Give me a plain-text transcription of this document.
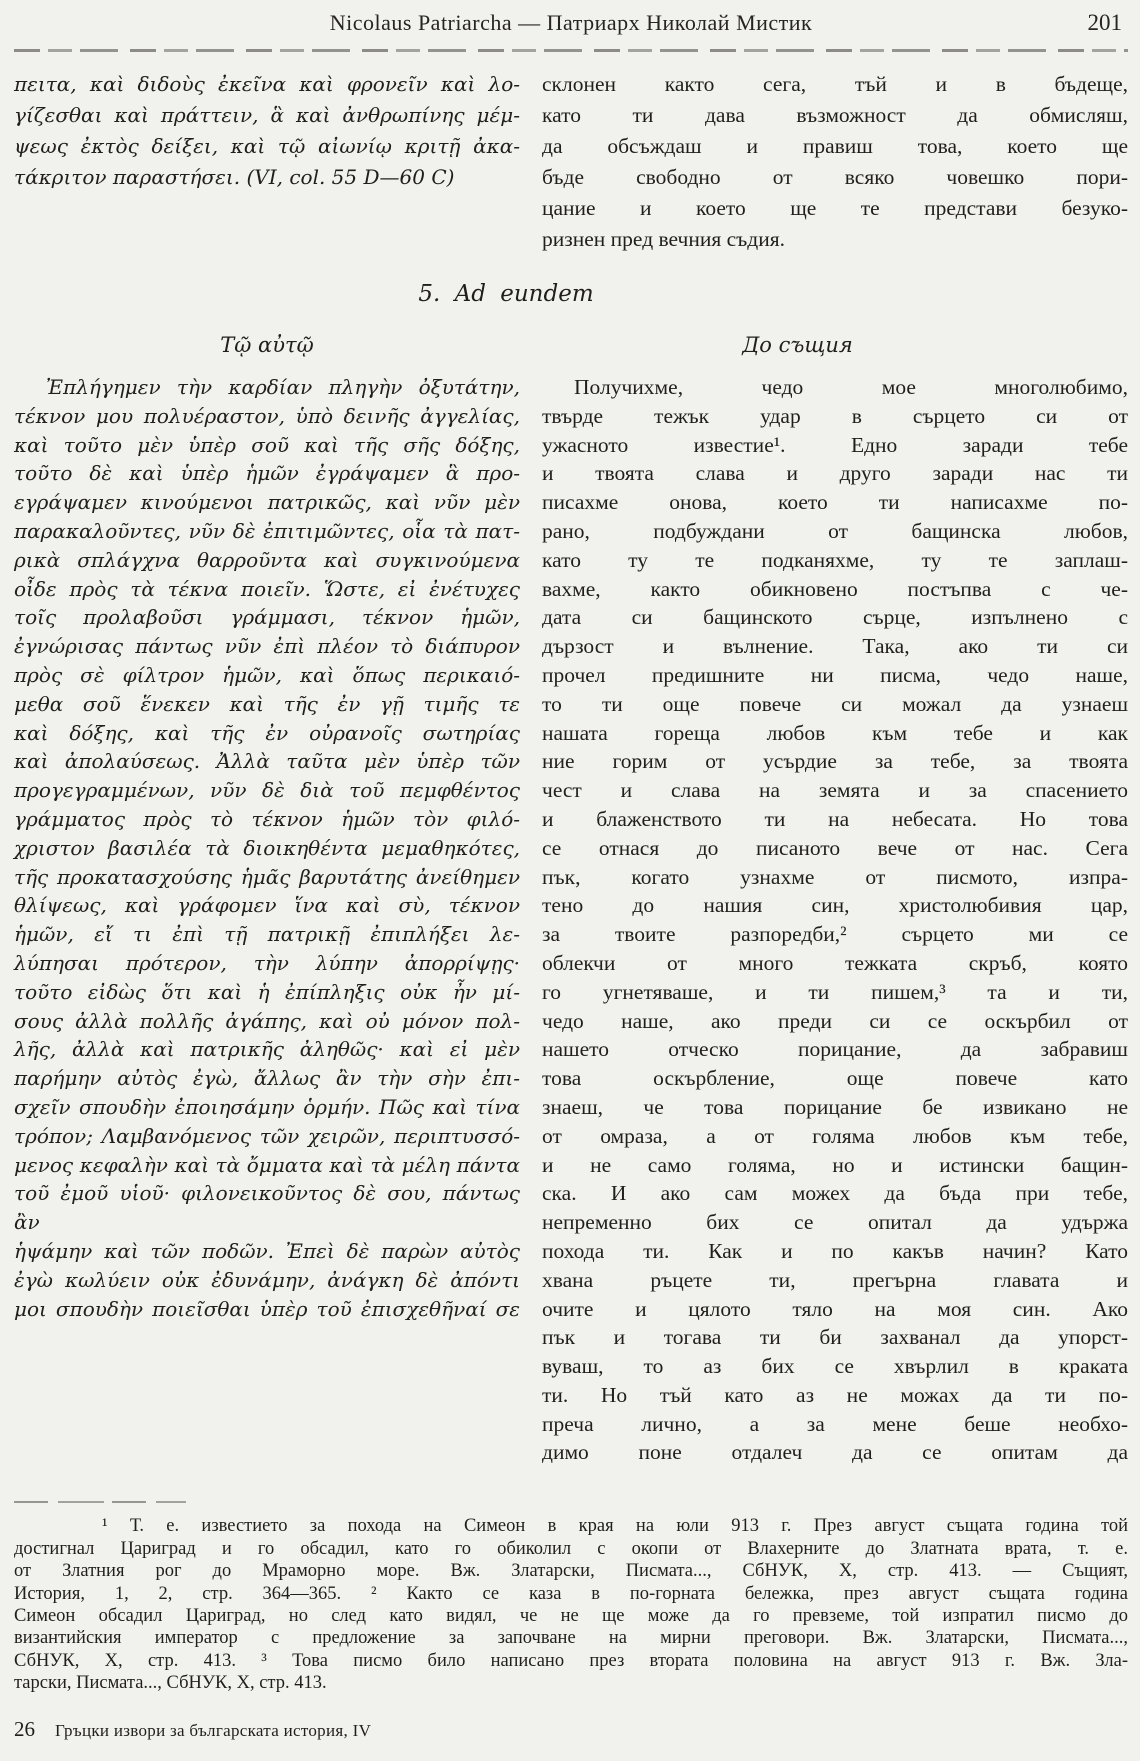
Nicolaus Patriarcha — Патриарх Николай Мистик	201
πειτα, καὶ διδοὺς ἐκεῖνα καὶ φρονεῖν καὶ λο-
γίζεσθαι καὶ πράττειν, ἃ καὶ ἀνθρωπίνης μέμ-
ψεως ἐκτὸς δείξει, καὶ τῷ αἰωνίῳ κριτῇ ἀκα-
τάκριτον παραστήσει. (VI, col. 55 D—60 C)
склонен както сега, тъй и в бъдеще,
като ти дава възможност да обмисляш,
да обсъждаш и правиш това, което ще
бъде свободно от всяко човешко пори-
цание и което ще те представи безуко-
ризнен пред вечния съдия.
5. Ad eundem
Τῷ αὐτῷ	До същия
Ἐπλήγημεν τὴν καρδίαν πληγὴν ὀξυτάτην,
τέκνον μου πολυέραστον, ὑπὸ δεινῆς ἀγγελίας,
καὶ τοῦτο μὲν ὑπὲρ σοῦ καὶ τῆς σῆς δόξης,
τοῦτο δὲ καὶ ὑπὲρ ἡμῶν ἐγράψαμεν ἃ προ-
εγράψαμεν κινούμενοι πατρικῶς, καὶ νῦν μὲν
παρακαλοῦντες, νῦν δὲ ἐπιτιμῶντες, οἷα τὰ πατ-
ρικὰ σπλάγχνα θαρροῦντα καὶ συγκινούμενα
οἶδε πρὸς τὰ τέκνα ποιεῖν. Ὥστε, εἰ ἐνέτυχες
τοῖς προλαβοῦσι γράμμασι, τέκνον ἡμῶν,
ἐγνώρισας πάντως νῦν ἐπὶ πλέον τὸ διάπυρον
πρὸς σὲ φίλτρον ἡμῶν, καὶ ὅπως περικαιό-
μεθα σοῦ ἕνεκεν καὶ τῆς ἐν γῇ τιμῆς τε
καὶ δόξης, καὶ τῆς ἐν οὐρανοῖς σωτηρίας
καὶ ἀπολαύσεως. Ἀλλὰ ταῦτα μὲν ὑπὲρ τῶν
προγεγραμμένων, νῦν δὲ διὰ τοῦ πεμφθέντος
γράμματος πρὸς τὸ τέκνον ἡμῶν τὸν φιλό-
χριστον βασιλέα τὰ διοικηθέντα μεμαθηκότες,
τῆς προκατασχούσης ἡμᾶς βαρυτάτης ἀνείθημεν
θλίψεως, καὶ γράφομεν ἵνα καὶ σὺ, τέκνον
ἡμῶν, εἴ τι ἐπὶ τῇ πατρικῇ ἐπιπλήξει λε-
λύπησαι πρότερον, τὴν λύπην ἀπορρίψῃς·
τοῦτο εἰδὼς ὅτι καὶ ἡ ἐπίπληξις οὐκ ἦν μί-
σους ἀλλὰ πολλῆς ἀγάπης, καὶ οὐ μόνον πολ-
λῆς, ἀλλὰ καὶ πατρικῆς ἀληθῶς· καὶ εἰ μὲν
παρήμην αὐτὸς ἐγὼ, ἄλλως ἂν τὴν σὴν ἐπι-
σχεῖν σπουδὴν ἐποιησάμην ὁρμήν. Πῶς καὶ τίνα
τρόπον; Λαμβανόμενος τῶν χειρῶν, περιπτυσσό-
μενος κεφαλὴν καὶ τὰ ὄμματα καὶ τὰ μέλη πάντα
τοῦ ἐμοῦ υἱοῦ· φιλονεικοῦντος δὲ σου, πάντως ἂν
ἡψάμην καὶ τῶν ποδῶν. Ἐπεὶ δὲ παρὼν αὐτὸς
ἐγὼ κωλύειν οὐκ ἐδυνάμην, ἀνάγκη δὲ ἀπόντι
μοι σπουδὴν ποιεῖσθαι ὑπὲρ τοῦ ἐπισχεθῆναί σε
Получихме, чедо мое многолюбимо,
твърде тежък удар в сърцето си от
ужасното известие¹. Едно заради тебе
и твоята слава и друго заради нас ти
писахме онова, което ти написахме по-
рано, подбуждани от бащинска любов,
като ту те подканяхме, ту те заплаш-
вахме, както обикновено постъпва с че-
дата си бащинското сърце, изпълнено с
дързост и вълнение. Така, ако ти си
прочел предишните ни писма, чедо наше,
то ти още повече си можал да узнаеш
нашата гореща любов към тебе и как
ние горим от усърдие за тебе, за твоята
чест и слава на земята и за спасението
и блаженството ти на небесата. Но това
се отнася до писаното вече от нас. Сега
пък, когато узнахме от писмото, изпра-
тено до нашия син, христолюбивия цар,
за твоите разпоредби,² сърцето ми се
облекчи от много тежката скръб, която
го угнетяваше, и ти пишем,³ та и ти,
чедо наше, ако преди си се оскърбил от
нашето отческо порицание, да забравиш
това оскърбление, още повече като
знаеш, че това порицание бе извикано не
от омраза, а от голяма любов към тебе,
и не само голяма, но и истински бащин-
ска. И ако сам можех да бъда при тебе,
непременно бих се опитал да удържа
похода ти. Как и по какъв начин? Като
хвана ръцете ти, прегърна главата и
очите и цялото тяло на моя син. Ако
пък и тогава ти би захванал да упорст-
вуваш, то аз бих се хвърлил в краката
ти. Но тъй като аз не можах да ти по-
преча лично, а за мене беше необхо-
димо поне отдалеч да се опитам да
¹ Т. е. известието за похода на Симеон в края на юли 913 г. През август същата година той
достигнал Цариград и го обсадил, като го обиколил с окопи от Влахерните до Златната врата, т. е.
от Златния рог до Мраморно море. Вж. Златарски, Писмата..., СбНУК, X, стр. 413. — Същият,
История, 1, 2, стр. 364—365. ² Както се каза в по-горната бележка, през август същата година
Симеон обсадил Цариград, но след като видял, че не ще може да го превземе, той изпратил писмо до
византийския император с предложение за започване на мирни преговори. Вж. Златарски, Писмата...,
СбНУК, X, стр. 413. ³ Това писмо било написано през втората половина на август 913 г. Вж. Зла-
тарски, Писмата..., СбНУК, X, стр. 413.
26 Гръцки извори за българската история, IV
